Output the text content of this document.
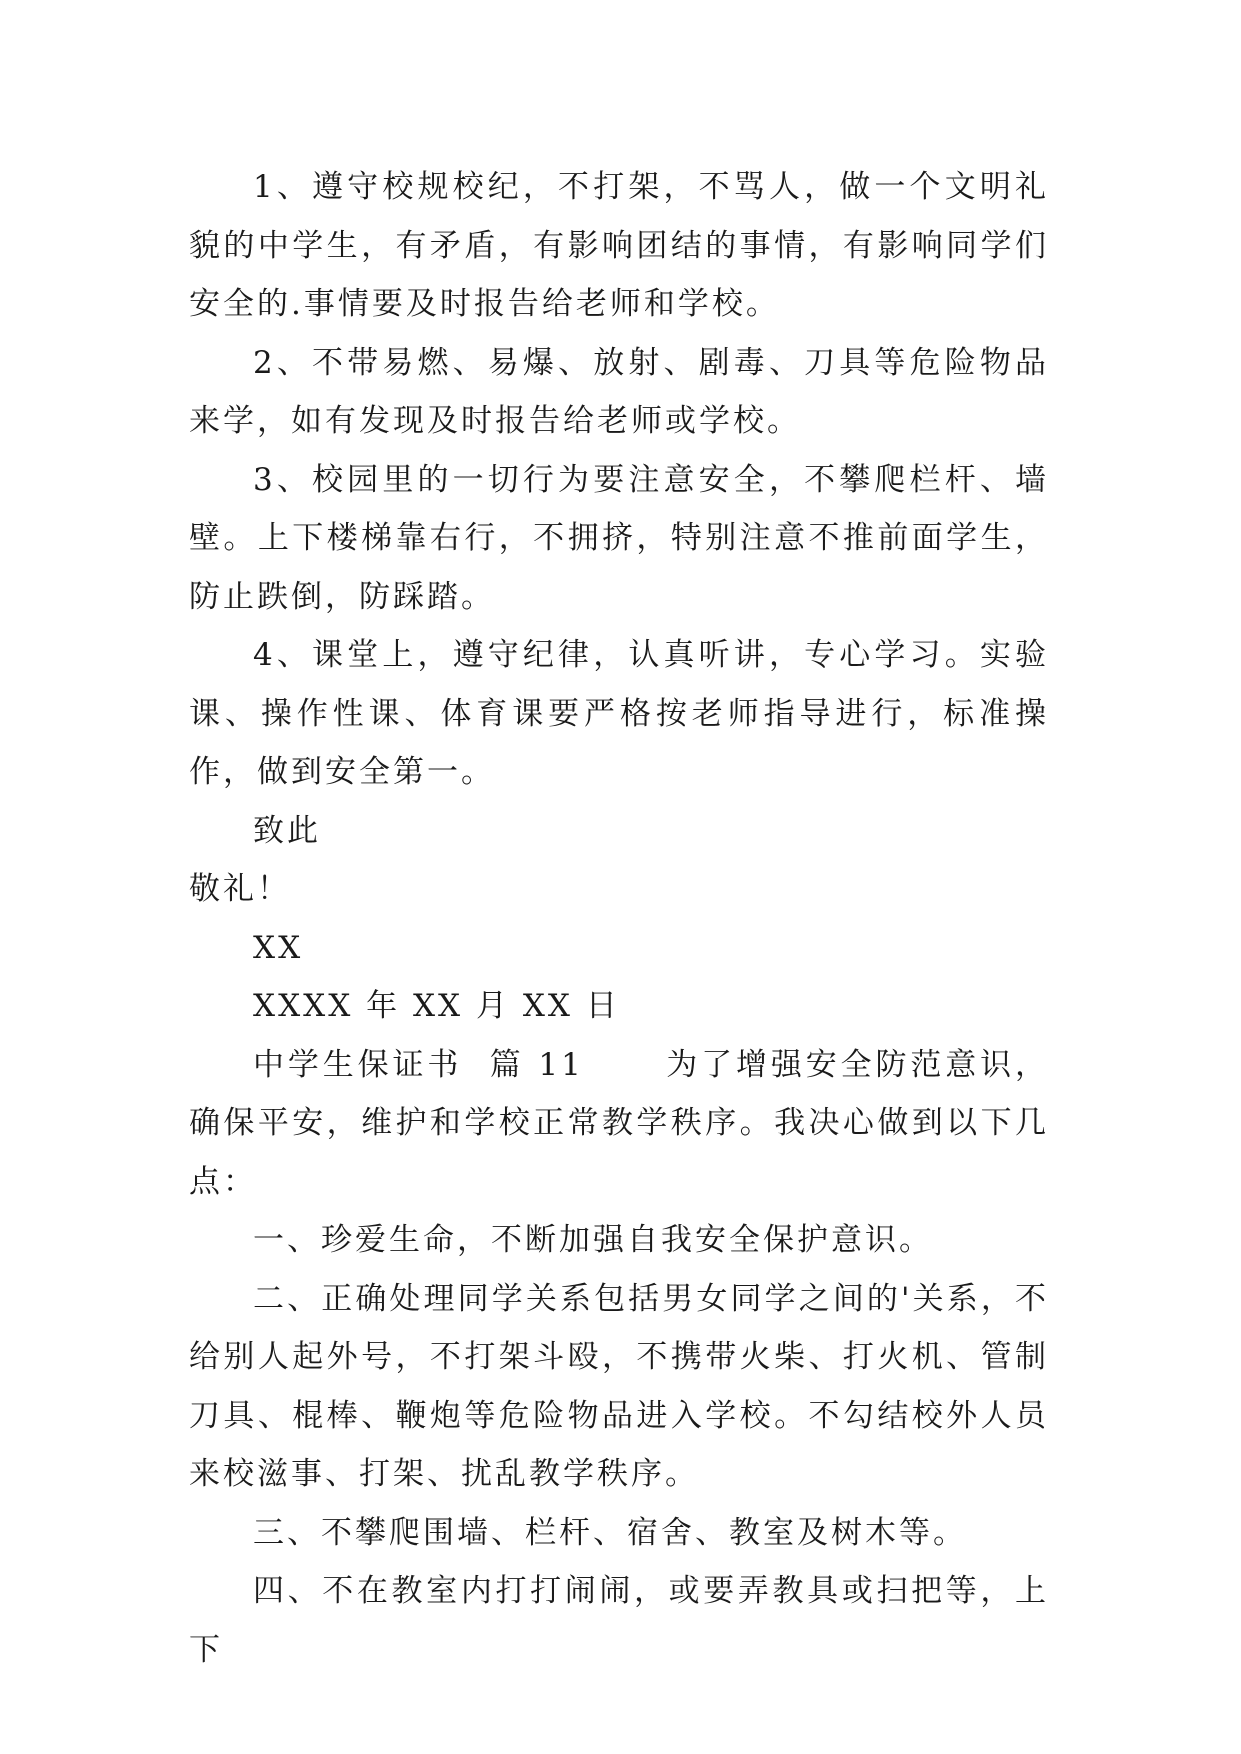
1、遵守校规校纪，不打架，不骂人，做一个文明礼貌的中学生，有矛盾，有影响团结的事情，有影响同学们安全的.事情要及时报告给老师和学校。

2、不带易燃、易爆、放射、剧毒、刀具等危险物品来学，如有发现及时报告给老师或学校。

3、校园里的一切行为要注意安全，不攀爬栏杆、墙壁。上下楼梯靠右行，不拥挤，特别注意不推前面学生，防止跌倒，防踩踏。

4、课堂上，遵守纪律，认真听讲，专心学习。实验课、操作性课、体育课要严格按老师指导进行，标准操作，做到安全第一。

致此

敬礼！

XX

XXXX 年 XX 月 XX 日

中学生保证书  篇 11      为了增强安全防范意识，确保平安，维护和学校正常教学秩序。我决心做到以下几点：

一、珍爱生命，不断加强自我安全保护意识。

二、正确处理同学关系包括男女同学之间的'关系，不给别人起外号，不打架斗殴，不携带火柴、打火机、管制刀具、棍棒、鞭炮等危险物品进入学校。不勾结校外人员来校滋事、打架、扰乱教学秩序。

三、不攀爬围墙、栏杆、宿舍、教室及树木等。

四、不在教室内打打闹闹，或要弄教具或扫把等，上下
